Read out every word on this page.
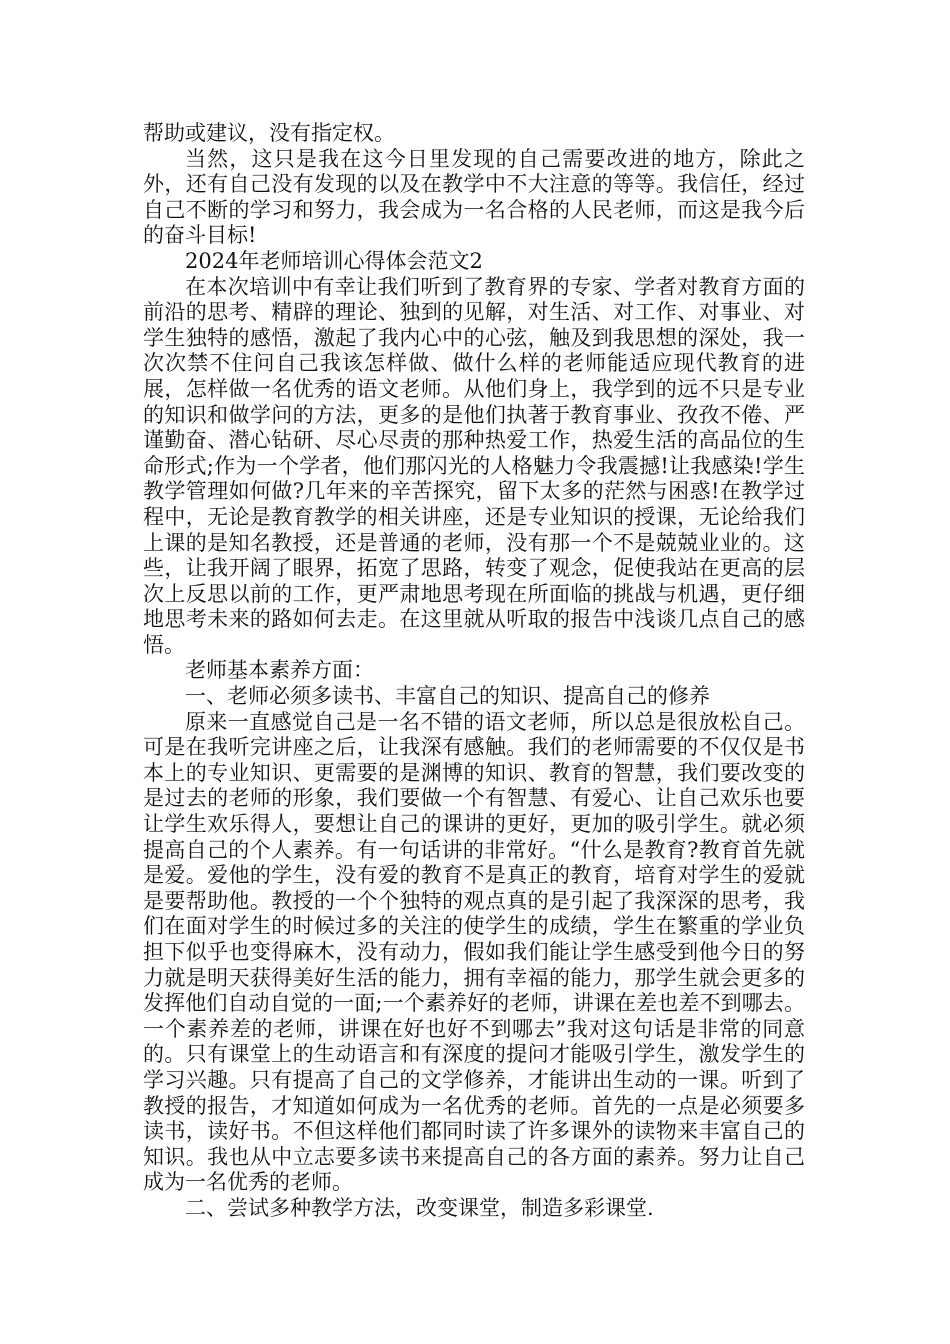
帮助或建议，没有指定权。

当然，这只是我在这今日里发现的自己需要改进的地方，除此之外，还有自己没有发现的以及在教学中不大注意的等等。我信任，经过自己不断的学习和努力，我会成为一名合格的人民老师，而这是我今后的奋斗目标!

2024年老师培训心得体会范文2

在本次培训中有幸让我们听到了教育界的专家、学者对教育方面的前沿的思考、精辟的理论、独到的见解，对生活、对工作、对事业、对学生独特的感悟，激起了我内心中的心弦，触及到我思想的深处，我一次次禁不住问自己我该怎样做、做什么样的老师能适应现代教育的进展，怎样做一名优秀的语文老师。从他们身上，我学到的远不只是专业的知识和做学问的方法，更多的是他们执著于教育事业、孜孜不倦、严谨勤奋、潜心钻研、尽心尽责的那种热爱工作，热爱生活的高品位的生命形式;作为一个学者，他们那闪光的人格魅力令我震撼!让我感染!学生教学管理如何做?几年来的辛苦探究，留下太多的茫然与困惑!在教学过程中，无论是教育教学的相关讲座，还是专业知识的授课，无论给我们上课的是知名教授，还是普通的老师，没有那一个不是兢兢业业的。这些，让我开阔了眼界，拓宽了思路，转变了观念，促使我站在更高的层次上反思以前的工作，更严肃地思考现在所面临的挑战与机遇，更仔细地思考未来的路如何去走。在这里就从听取的报告中浅谈几点自己的感悟。

老师基本素养方面：

一、老师必须多读书、丰富自己的知识、提高自己的修养

原来一直感觉自己是一名不错的语文老师，所以总是很放松自己。可是在我听完讲座之后，让我深有感触。我们的老师需要的不仅仅是书本上的专业知识、更需要的是渊博的知识、教育的智慧，我们要改变的是过去的老师的形象，我们要做一个有智慧、有爱心、让自己欢乐也要让学生欢乐得人，要想让自己的课讲的更好，更加的吸引学生。就必须提高自己的个人素养。有一句话讲的非常好。“什么是教育?教育首先就是爱。爱他的学生，没有爱的教育不是真正的教育，培育对学生的爱就是要帮助他。教授的一个个独特的观点真的是引起了我深深的思考，我们在面对学生的时候过多的关注的使学生的成绩，学生在繁重的学业负担下似乎也变得麻木，没有动力，假如我们能让学生感受到他今日的努力就是明天获得美好生活的能力，拥有幸福的能力，那学生就会更多的发挥他们自动自觉的一面;一个素养好的老师，讲课在差也差不到哪去。一个素养差的老师，讲课在好也好不到哪去”我对这句话是非常的同意的。只有课堂上的生动语言和有深度的提问才能吸引学生，激发学生的学习兴趣。只有提高了自己的文学修养，才能讲出生动的一课。听到了教授的报告，才知道如何成为一名优秀的老师。首先的一点是必须要多读书，读好书。不但这样他们都同时读了许多课外的读物来丰富自己的知识。我也从中立志要多读书来提高自己的各方面的素养。努力让自己成为一名优秀的老师。

二、尝试多种教学方法，改变课堂，制造多彩课堂.
